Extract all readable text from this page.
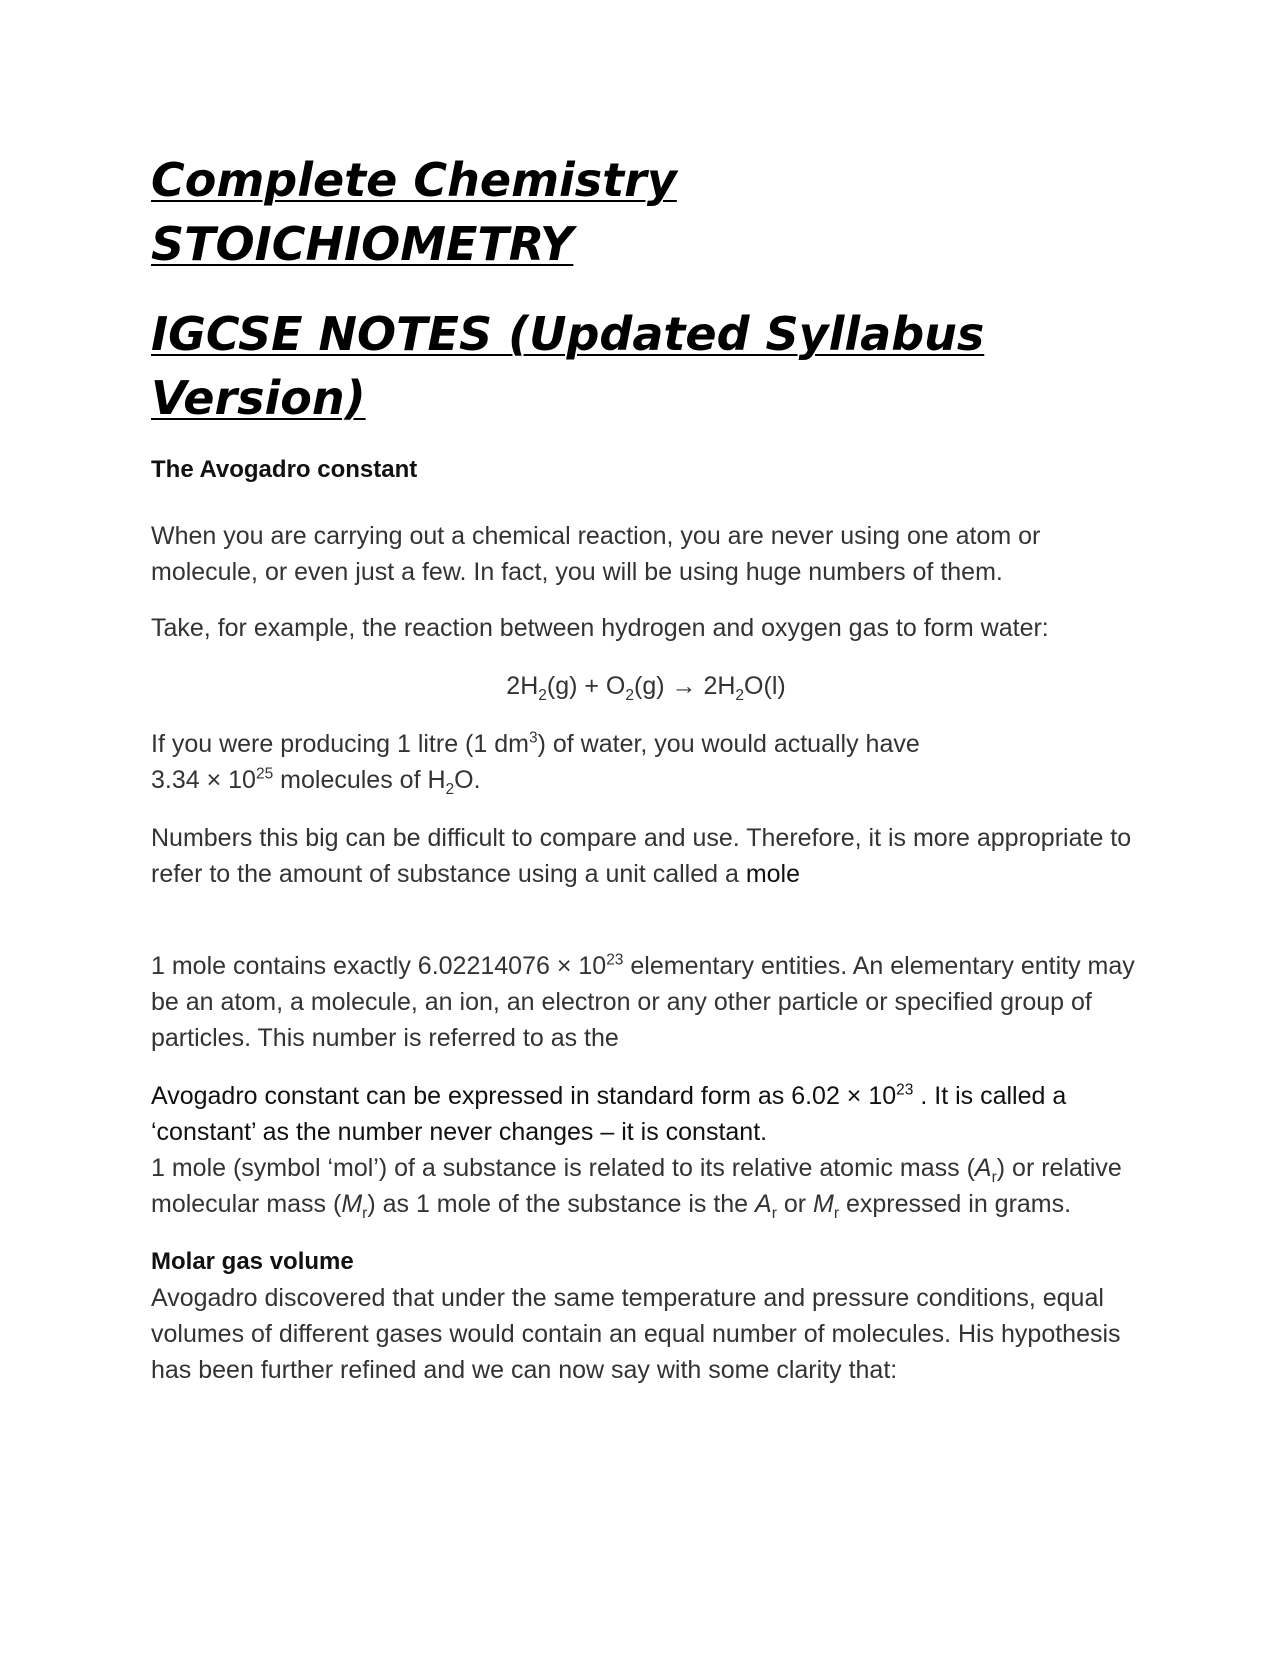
Complete Chemistry
STOICHIOMETRY
IGCSE NOTES (Updated Syllabus
Version)
The Avogadro constant

When you are carrying out a chemical reaction, you are never using one atom or molecule, or even just a few. In fact, you will be using huge numbers of them.

Take, for example, the reaction between hydrogen and oxygen gas to form water:

$2H_2(g) + O_2(g) \to 2H_2O(l)$

If you were producing 1 litre (1 $dm^3$) of water, you would actually have
$3.34 \times 10^{25}$ molecules of $H_2O$.

Numbers this big can be difficult to compare and use. Therefore, it is more appropriate to refer to the amount of substance using a unit called a mole

1 mole contains exactly $6.02214076 \times 10^{23}$ elementary entities. An elementary entity may be an atom, a molecule, an ion, an electron or any other particle or specified group of particles. This number is referred to as the

Avogadro constant can be expressed in standard form as $6.02 \times 10^{23}$ . It is called a ‘constant’ as the number never changes – it is constant.

1 mole (symbol ‘mol’) of a substance is related to its relative atomic mass $(A_r)$ or relative molecular mass $(M_r)$ as 1 mole of the substance is the $A_r$ or $M_r$ expressed in grams.

Molar gas volume

Avogadro discovered that under the same temperature and pressure conditions, equal volumes of different gases would contain an equal number of molecules. His hypothesis has been further refined and we can now say with some clarity that:
